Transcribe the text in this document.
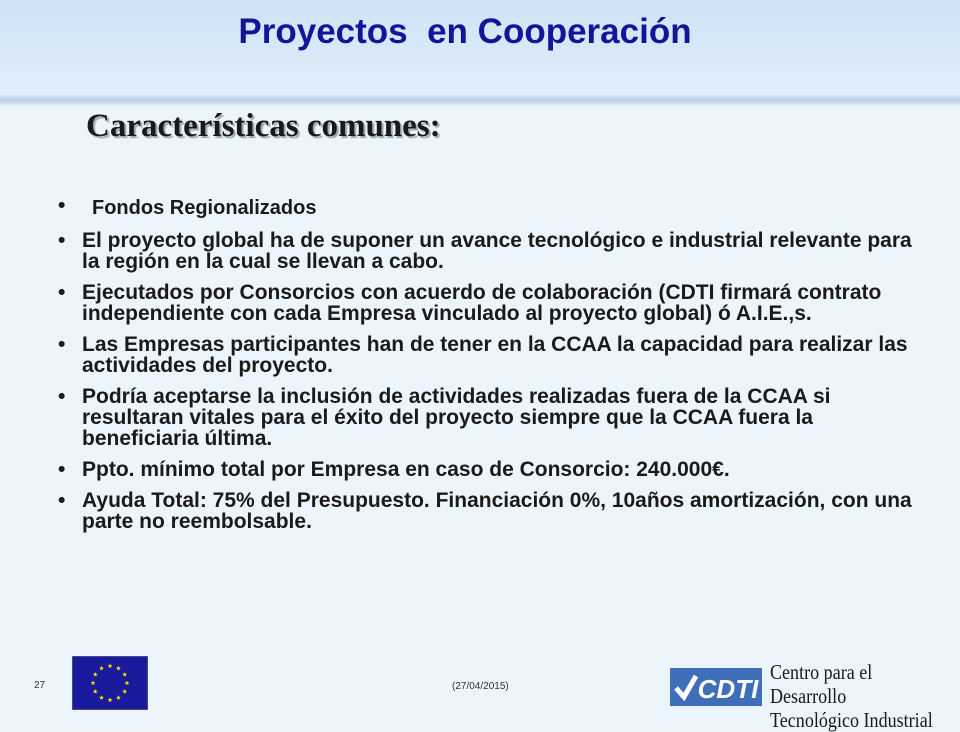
Proyectos  en Cooperación
Características comunes:
• Fondos Regionalizados
• El proyecto global ha de suponer un avance tecnológico e industrial relevante para la región en la cual se llevan a cabo.
• Ejecutados por Consorcios con acuerdo de colaboración (CDTI firmará contrato independiente con cada Empresa vinculado al proyecto global) ó A.I.E.,s.
• Las Empresas participantes han de tener en la CCAA la capacidad para realizar las actividades del proyecto.
• Podría aceptarse la inclusión de actividades realizadas fuera de la CCAA si resultaran vitales para el éxito del proyecto siempre que la CCAA fuera la beneficiaria última.
• Ppto. mínimo total por Empresa en caso de Consorcio: 240.000€.
• Ayuda Total: 75% del Presupuesto. Financiación 0%, 10años amortización, con una parte no reembolsable.
27	(27/04/2015)	CDTI
Centro para el Desarrollo
Tecnológico Industrial
